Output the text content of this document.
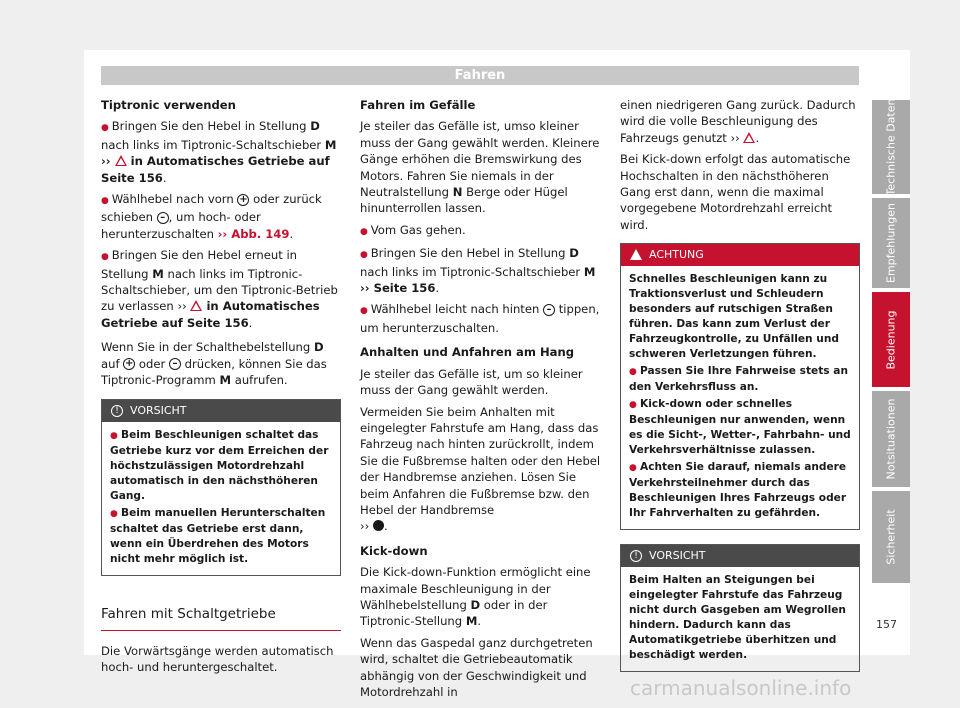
Fahren

Tiptronic verwenden

● Bringen Sie den Hebel in Stellung D nach links im Tiptronic-Schaltschieber M ››  in Automatisches Getriebe auf Seite 156.

● Wählhebel nach vorn + oder zurück schieben – , um hoch- oder herunterzuschalten ›› Abb. 149.

● Bringen Sie den Hebel erneut in Stellung M nach links im Tiptronic-Schaltschieber, um den Tiptronic-Betrieb zu verlassen ››  in Automatisches Getriebe auf Seite 156.

Wenn Sie in der Schalthebelstellung D auf + oder – drücken, können Sie das Tiptronic-Programm M aufrufen.

!	VORSICHT

● Beim Beschleunigen schaltet das Getriebe kurz vor dem Erreichen der höchstzulässigen Motordrehzahl automatisch in den nächsthöheren Gang.

● Beim manuellen Herunterschalten schaltet das Getriebe erst dann, wenn ein Überdrehen des Motors nicht mehr möglich ist.

Fahren mit Schaltgetriebe

Die Vorwärtsgänge werden automatisch hoch- und heruntergeschaltet.

Fahren im Gefälle

Je steiler das Gefälle ist, umso kleiner muss der Gang gewählt werden. Kleinere Gänge erhöhen die Bremswirkung des Motors. Fahren Sie niemals in der Neutralstellung N Berge oder Hügel hinunterrollen lassen.

● Vom Gas gehen.

● Bringen Sie den Hebel in Stellung D nach links im Tiptronic-Schaltschieber M ›› Seite 156.

● Wählhebel leicht nach hinten – tippen, um herunterzuschalten.

Anhalten und Anfahren am Hang

Je steiler das Gefälle ist, um so kleiner muss der Gang gewählt werden.

Vermeiden Sie beim Anhalten mit eingelegter Fahrstufe am Hang, dass das Fahrzeug nach hinten zurückrollt, indem Sie die Fußbremse halten oder den Hebel der Handbremse anziehen. Lösen Sie beim Anfahren die Fußbremse bzw. den Hebel der Handbremse
›› .

Kick-down

Die Kick-down-Funktion ermöglicht eine maximale Beschleunigung in der Wählhebelstellung D oder in der Tiptronic-Stellung M.

Wenn das Gaspedal ganz durchgetreten wird, schaltet die Getriebeautomatik abhängig von der Geschwindigkeit und Motordrehzahl in

einen niedrigeren Gang zurück. Dadurch wird die volle Beschleunigung des Fahrzeugs genutzt ›› .

Bei Kick-down erfolgt das automatische Hochschalten in den nächsthöheren Gang erst dann, wenn die maximal vorgegebene Motordrehzahl erreicht wird.

ACHTUNG

Schnelles Beschleunigen kann zu Traktionsverlust und Schleudern besonders auf rutschigen Straßen führen. Das kann zum Verlust der Fahrzeugkontrolle, zu Unfällen und schweren Verletzungen führen.

● Passen Sie Ihre Fahrweise stets an den Verkehrsfluss an.

● Kick-down oder schnelles Beschleunigen nur anwenden, wenn es die Sicht-, Wetter-, Fahrbahn- und Verkehrsverhältnisse zulassen.

● Achten Sie darauf, niemals andere Verkehrsteilnehmer durch das Beschleunigen Ihres Fahrzeugs oder Ihr Fahrverhalten zu gefährden.

!	VORSICHT

Beim Halten an Steigungen bei eingelegter Fahrstufe das Fahrzeug nicht durch Gasgeben am Wegrollen hindern. Dadurch kann das Automatikgetriebe überhitzen und beschädigt werden.

Technische Daten
Empfehlungen
Bedienung
Notsituationen
Sicherheit
157
carmanualsonline.info
